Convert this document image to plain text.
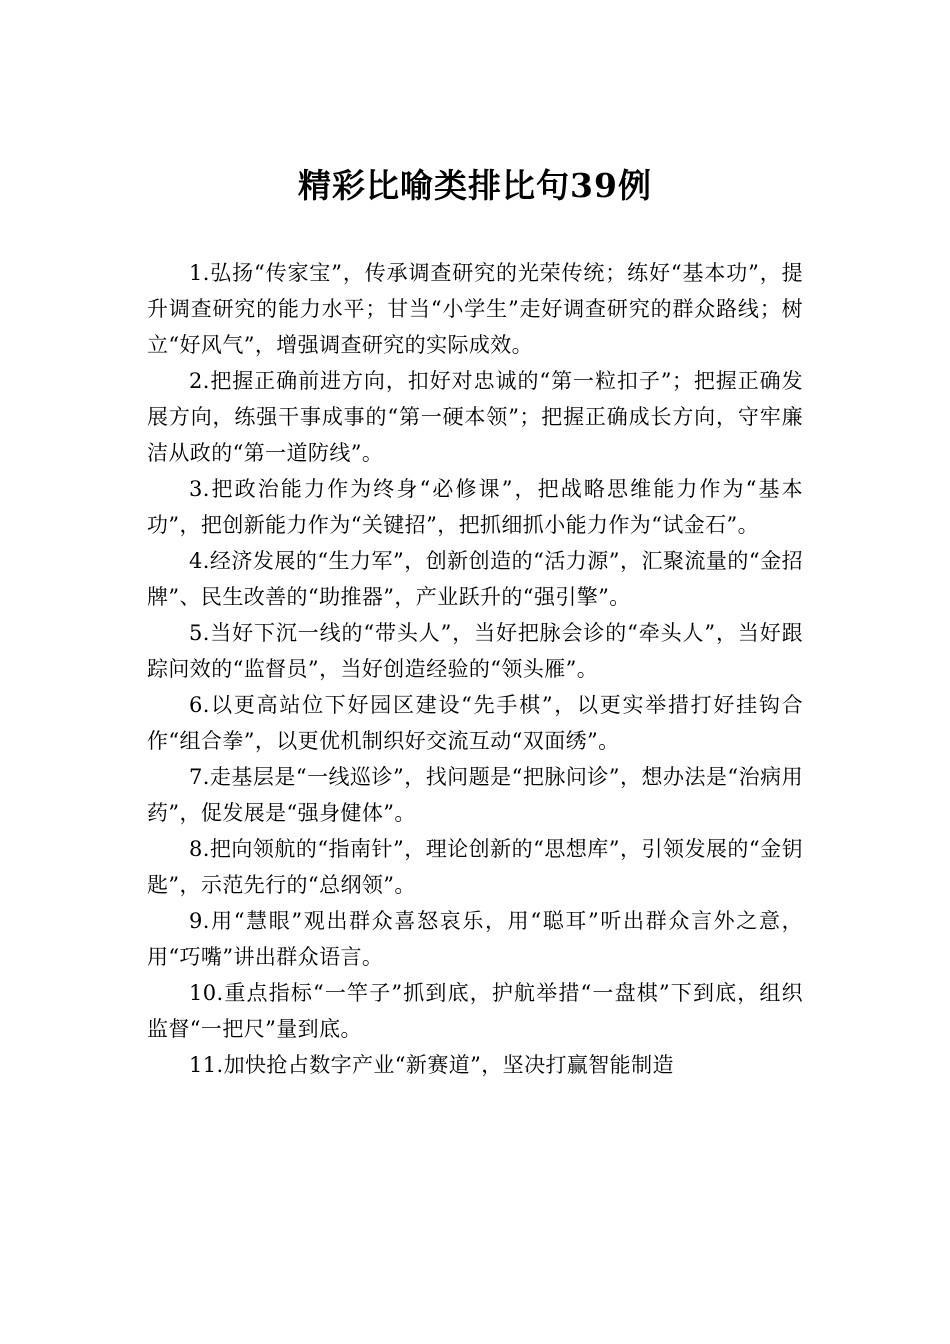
精彩比喻类排比句39例

1.弘扬“传家宝”，传承调查研究的光荣传统；练好“基本功”，提升调查研究的能力水平；甘当“小学生”走好调查研究的群众路线；树立“好风气”，增强调查研究的实际成效。

2.把握正确前进方向，扣好对忠诚的“第一粒扣子”；把握正确发展方向，练强干事成事的“第一硬本领”；把握正确成长方向，守牢廉洁从政的“第一道防线”。

3.把政治能力作为终身“必修课”，把战略思维能力作为“基本功”，把创新能力作为“关键招”，把抓细抓小能力作为“试金石”。

4.经济发展的“生力军”，创新创造的“活力源”，汇聚流量的“金招牌”、民生改善的“助推器”，产业跃升的“强引擎”。

5.当好下沉一线的“带头人”，当好把脉会诊的“牵头人”，当好跟踪问效的“监督员”，当好创造经验的“领头雁”。

6.以更高站位下好园区建设“先手棋”，以更实举措打好挂钩合作“组合拳”，以更优机制织好交流互动“双面绣”。

7.走基层是“一线巡诊”，找问题是“把脉问诊”，想办法是“治病用药”，促发展是“强身健体”。

8.把向领航的“指南针”，理论创新的“思想库”，引领发展的“金钥匙”，示范先行的“总纲领”。

9.用“慧眼”观出群众喜怒哀乐，用“聪耳”听出群众言外之意，用“巧嘴”讲出群众语言。

10.重点指标“一竿子”抓到底，护航举措“一盘棋”下到底，组织监督“一把尺”量到底。

11.加快抢占数字产业“新赛道”，坚决打赢智能制造
